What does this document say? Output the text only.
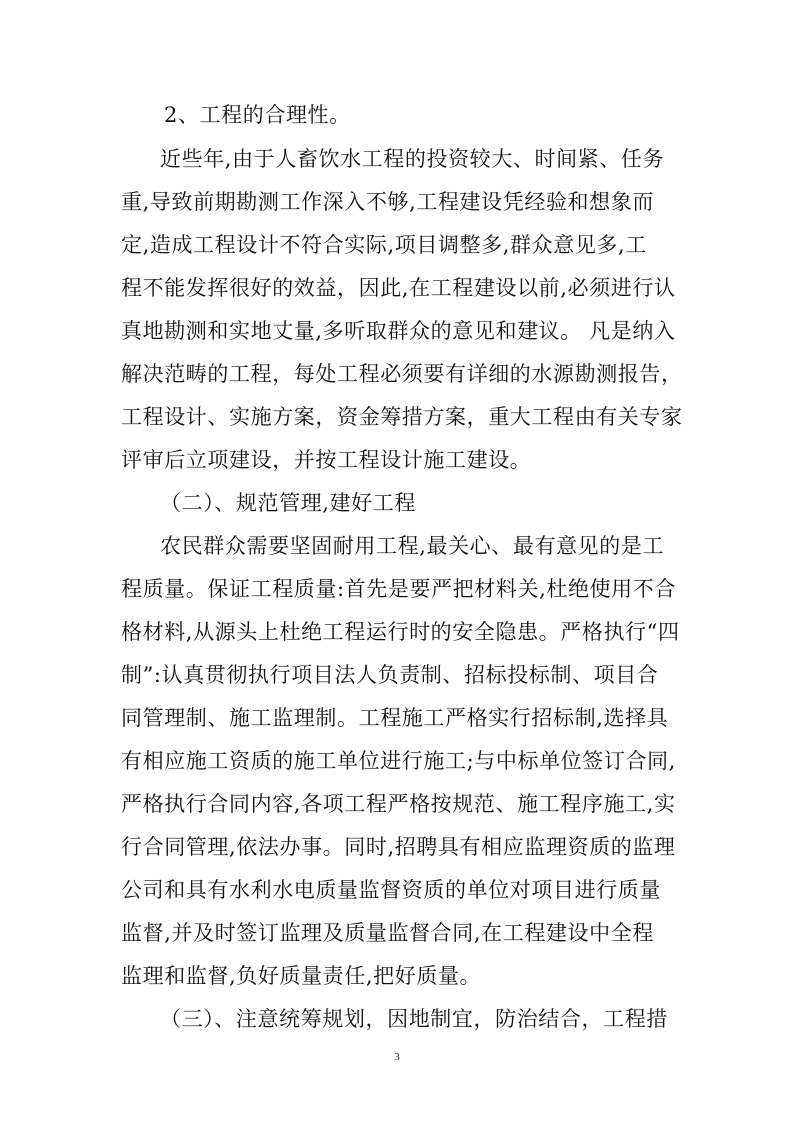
2、工程的合理性。
近些年,由于人畜饮水工程的投资较大、时间紧、任务
重,导致前期勘测工作深入不够,工程建设凭经验和想象而
定,造成工程设计不符合实际,项目调整多,群众意见多,工
程不能发挥很好的效益，因此,在工程建设以前,必须进行认
真地勘测和实地丈量,多听取群众的意见和建议。 凡是纳入
解决范畴的工程，每处工程必须要有详细的水源勘测报告，
工程设计、实施方案，资金筹措方案，重大工程由有关专家
评审后立项建设，并按工程设计施工建设。
（二）、规范管理,建好工程
农民群众需要坚固耐用工程,最关心、最有意见的是工
程质量。保证工程质量:首先是要严把材料关,杜绝使用不合
格材料,从源头上杜绝工程运行时的安全隐患。严格执行“四
制”:认真贯彻执行项目法人负责制、招标投标制、项目合
同管理制、施工监理制。工程施工严格实行招标制,选择具
有相应施工资质的施工单位进行施工;与中标单位签订合同,
严格执行合同内容,各项工程严格按规范、施工程序施工,实
行合同管理,依法办事。同时,招聘具有相应监理资质的监理
公司和具有水利水电质量监督资质的单位对项目进行质量
监督,并及时签订监理及质量监督合同,在工程建设中全程
监理和监督,负好质量责任,把好质量。
（三）、注意统筹规划，因地制宜，防治结合，工程措
3
